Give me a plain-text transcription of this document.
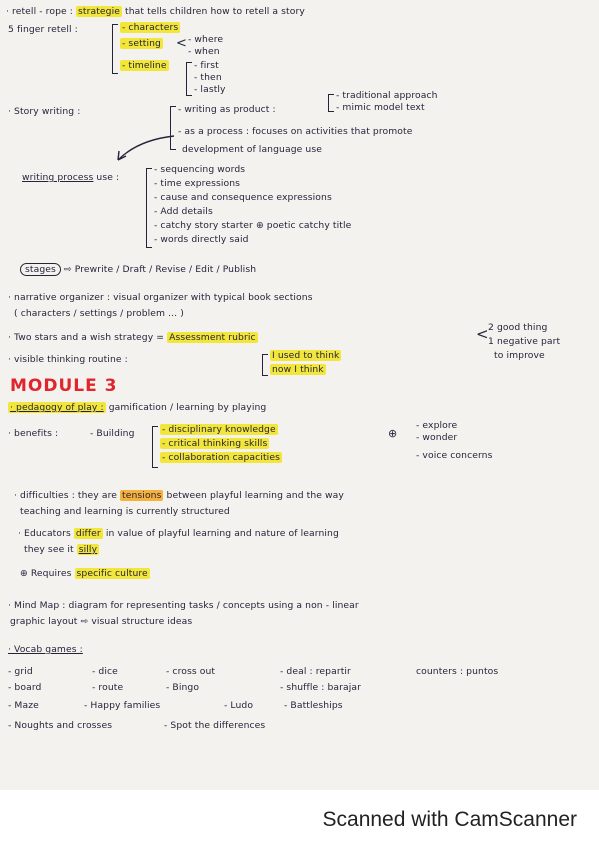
· retell - rope : strategie that tells children how to retell a story
5 finger retell :	- characters
- setting < - where
- when
- timeline	- first
- then
- lastly
· Story writing :	- writing as product :
- traditional approach
- mimic model text
- as a process : focuses on activities that promote
development of language use
writing process use :
- sequencing words
- time expressions
- cause and consequence expressions
- Add details
- catchy story starter ⊕ poetic catchy title
- words directly said
stages ⇨ Prewrite / Draft / Revise / Edit / Publish
· narrative organizer : visual organizer with typical book sections
( characters / settings / problem ... )
· Two stars and a wish strategy = Assessment rubric	< 2 good thing
1 negative part
· visible thinking routine :	to improve
I used to think
now I think
MODULE 3
· pedagogy of play : gamification / learning by playing
· benefits :	- Building	- disciplinary knowledge
- critical thinking skills
- collaboration capacities
⊕
- explore
- wonder
- voice concerns
· difficulties : they are tensions between playful learning and the way
teaching and learning is currently structured
· Educators differ in value of playful learning and nature of learning
they see it silly
⊕ Requires specific culture
· Mind Map : diagram for representing tasks / concepts using a non - linear
graphic layout ⇨ visual structure ideas
· Vocab games :
- grid	- dice	- cross out	- deal : repartir	counters : puntos
- board	- route	- Bingo	- shuffle : barajar
- Maze	- Happy families	- Ludo	- Battleships
- Noughts and crosses	- Spot the differences
Scanned with CamScanner
